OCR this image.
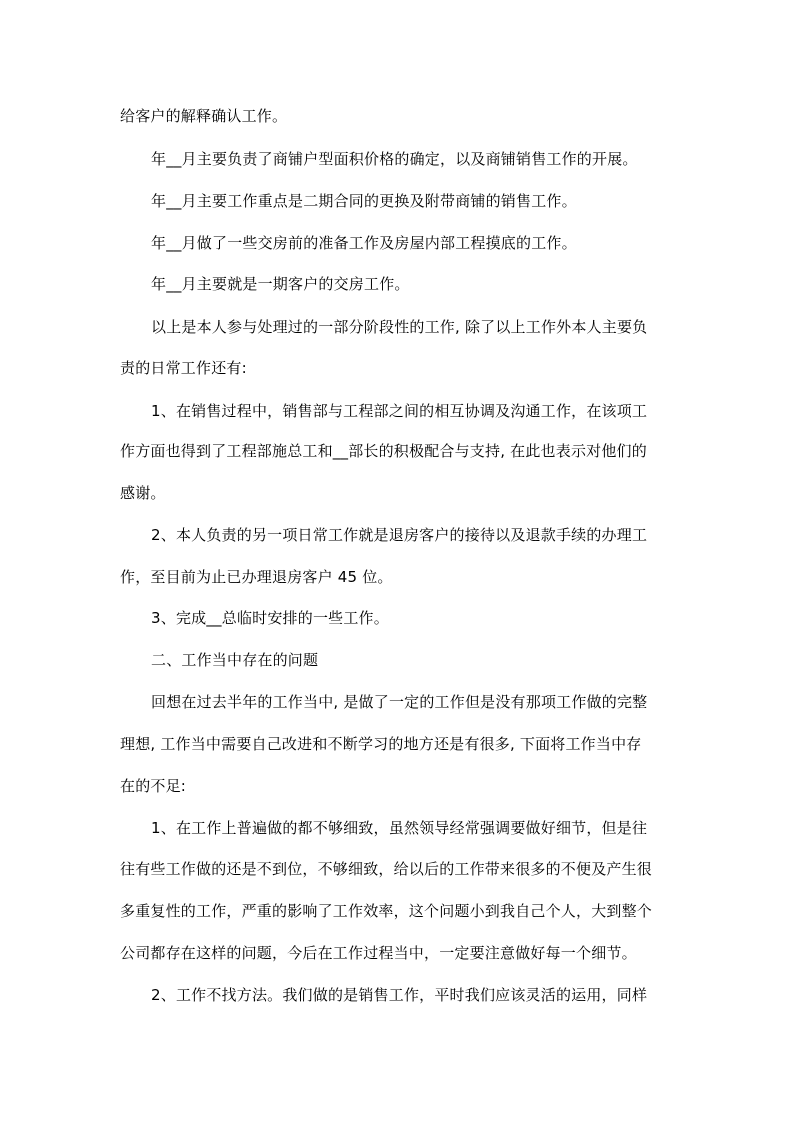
给客户的解释确认工作。
年__月主要负责了商铺户型面积价格的确定，以及商铺销售工作的开展。
年__月主要工作重点是二期合同的更换及附带商铺的销售工作。
年__月做了一些交房前的准备工作及房屋内部工程摸底的工作。
年__月主要就是一期客户的交房工作。
以上是本人参与处理过的一部分阶段性的工作, 除了以上工作外本人主要负
责的日常工作还有:
1、在销售过程中，销售部与工程部之间的相互协调及沟通工作，在该项工
作方面也得到了工程部施总工和__部长的积极配合与支持, 在此也表示对他们的
感谢。
2、本人负责的另一项日常工作就是退房客户的接待以及退款手续的办理工
作，至目前为止已办理退房客户 45 位。
3、完成__总临时安排的一些工作。
二、工作当中存在的问题
回想在过去半年的工作当中, 是做了一定的工作但是没有那项工作做的完整
理想, 工作当中需要自己改进和不断学习的地方还是有很多, 下面将工作当中存
在的不足:
1、在工作上普遍做的都不够细致，虽然领导经常强调要做好细节，但是往
往有些工作做的还是不到位，不够细致，给以后的工作带来很多的不便及产生很
多重复性的工作，严重的影响了工作效率，这个问题小到我自己个人，大到整个
公司都存在这样的问题，今后在工作过程当中，一定要注意做好每一个细节。
2、工作不找方法。我们做的是销售工作，平时我们应该灵活的运用，同样
